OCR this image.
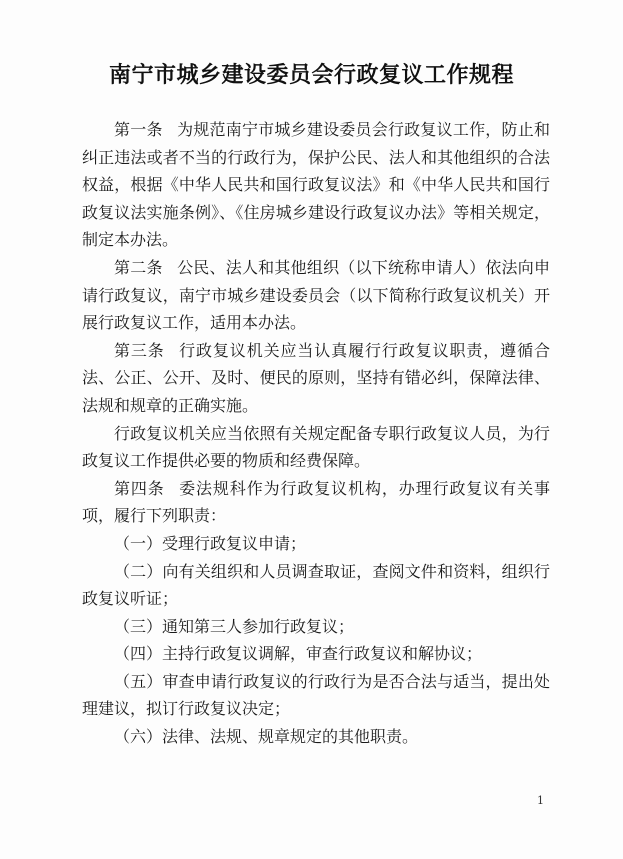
南宁市城乡建设委员会行政复议工作规程

第一条 为规范南宁市城乡建设委员会行政复议工作，防止和纠正违法或者不当的行政行为，保护公民、法人和其他组织的合法权益，根据《中华人民共和国行政复议法》和《中华人民共和国行政复议法实施条例》、《住房城乡建设行政复议办法》等相关规定，制定本办法。

第二条 公民、法人和其他组织（以下统称申请人）依法向申请行政复议，南宁市城乡建设委员会（以下简称行政复议机关）开展行政复议工作，适用本办法。

第三条 行政复议机关应当认真履行行政复议职责，遵循合法、公正、公开、及时、便民的原则，坚持有错必纠，保障法律、法规和规章的正确实施。

行政复议机关应当依照有关规定配备专职行政复议人员，为行政复议工作提供必要的物质和经费保障。

第四条 委法规科作为行政复议机构，办理行政复议有关事项，履行下列职责：

（一）受理行政复议申请；

（二）向有关组织和人员调查取证，查阅文件和资料，组织行政复议听证；

（三）通知第三人参加行政复议；

（四）主持行政复议调解，审查行政复议和解协议；

（五）审查申请行政复议的行政行为是否合法与适当，提出处理建议，拟订行政复议决定；

（六）法律、法规、规章规定的其他职责。

1
